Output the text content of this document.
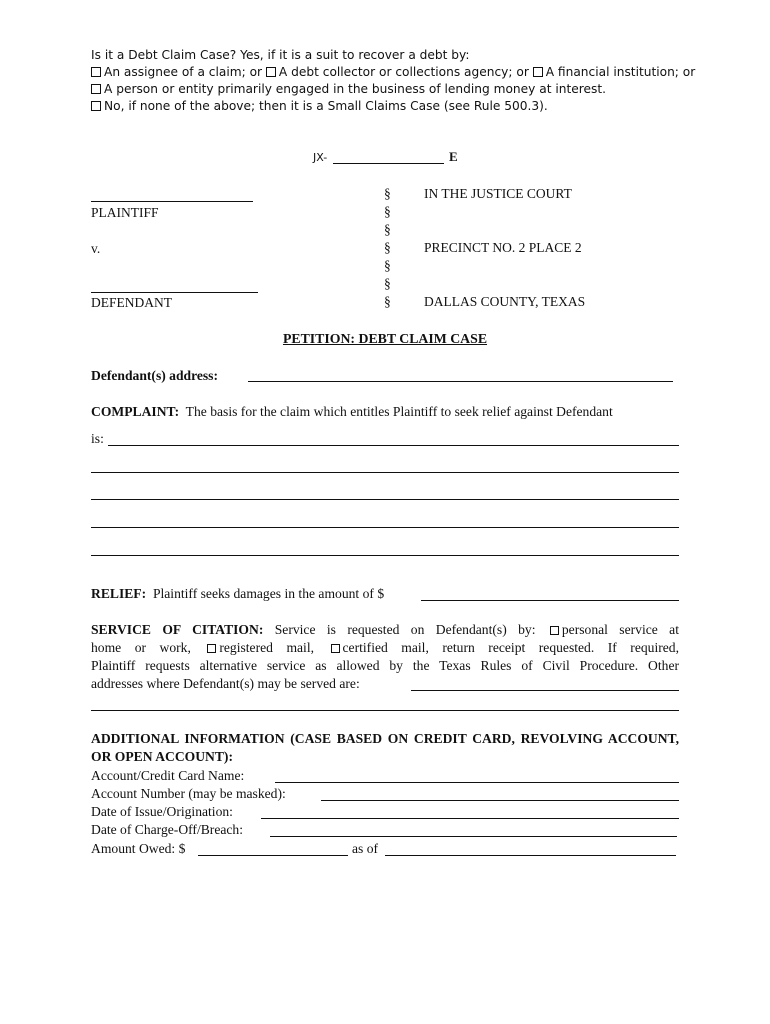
Is it a Debt Claim Case? Yes, if it is a suit to recover a debt by:
An assignee of a claim; or A debt collector or collections agency; or A financial institution; or
A person or entity primarily engaged in the business of lending money at interest.
No, if none of the above; then it is a Small Claims Case (see Rule 500.3).
JX-	E
PLAINTIFF
v.
DEFENDANT
§
§
§
§
§
§
§
IN THE JUSTICE COURT
PRECINCT NO. 2 PLACE 2
DALLAS COUNTY, TEXAS
PETITION: DEBT CLAIM CASE
Defendant(s) address:
COMPLAINT: The basis for the claim which entitles Plaintiff to seek relief against Defendant
is:
RELIEF: Plaintiff seeks damages in the amount of $
SERVICE OF CITATION: Service is requested on Defendant(s) by: personal service at
home or work, registered mail, certified mail, return receipt requested. If required,
Plaintiff requests alternative service as allowed by the Texas Rules of Civil Procedure. Other
addresses where Defendant(s) may be served are:
ADDITIONAL INFORMATION (CASE BASED ON CREDIT CARD, REVOLVING ACCOUNT,
OR OPEN ACCOUNT):
Account/Credit Card Name:
Account Number (may be masked):
Date of Issue/Origination:
Date of Charge-Off/Breach:
Amount Owed: $	as of
